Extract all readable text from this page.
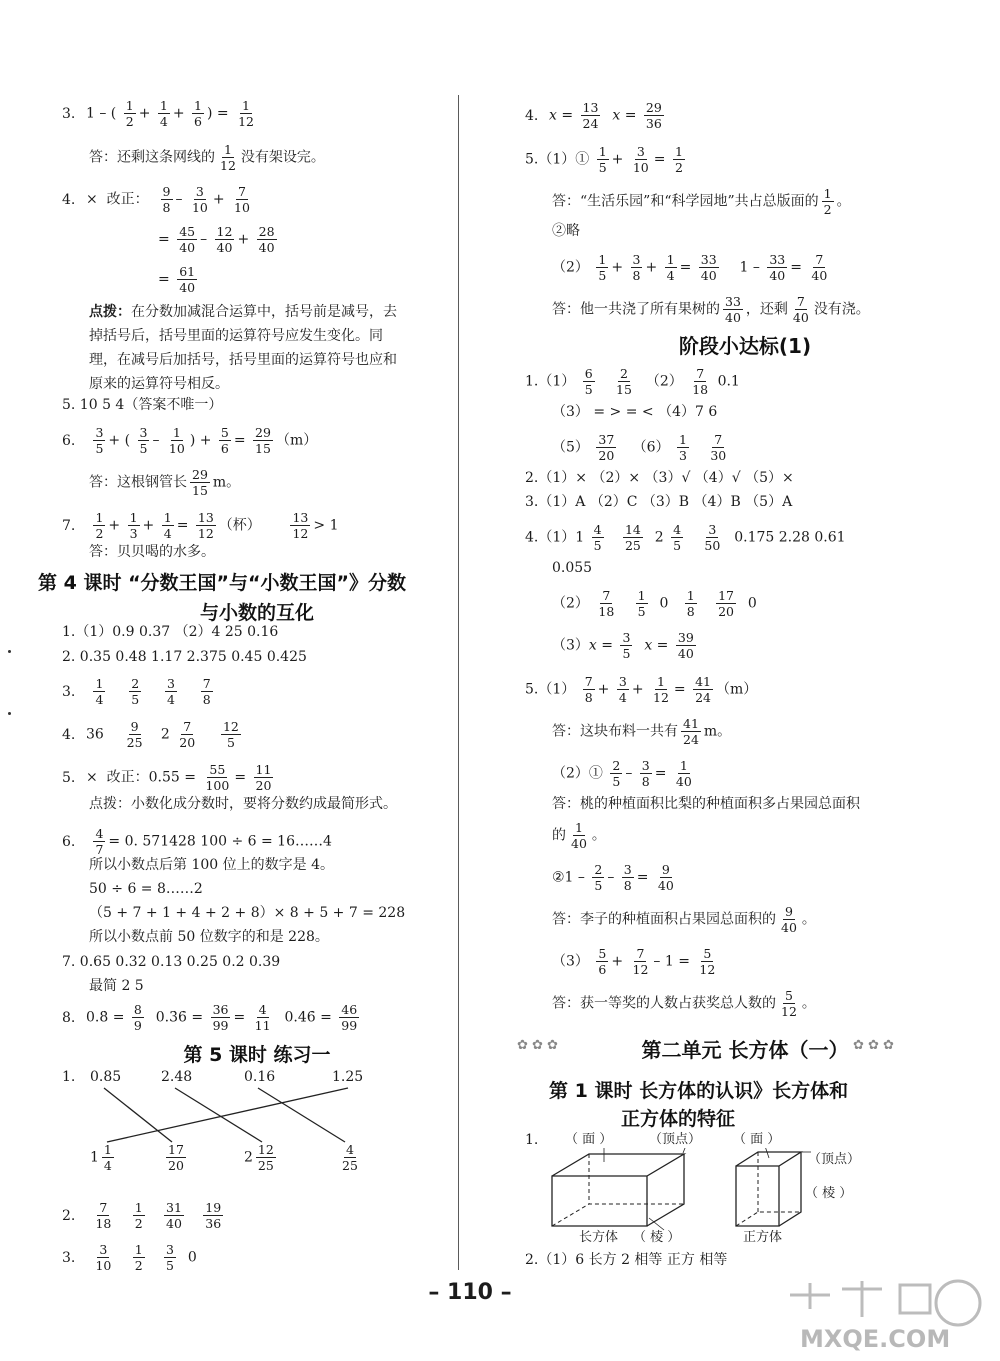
3. 1 – ( $\frac{1}{2} + \frac{1}{4} + \frac{1}{6}$ ) = $\frac{1}{12}$
答：还剩这条网线的 $\frac{1}{12}$ 没有架设完。
4. × 改正： $\frac{9}{8} - \frac{3}{10} + \frac{7}{10}$
= $\frac{45}{40} - \frac{12}{40} + \frac{28}{40}$
= $\frac{61}{40}$
点拨：在分数加减混合运算中，括号前是减号，去
掉括号后，括号里面的运算符号应发生变化。同
理，在减号后加括号，括号里面的运算符号也应和
原来的运算符号相反。
5. 10 5 4（答案不唯一）
6. $\frac{3}{5}$ + ( $\frac{3}{5} - \frac{1}{10}$ ) + $\frac{5}{6} = \frac{29}{15} (m)$
答：这根钢管长 $\frac{29}{15}$ m。
7. $\frac{1}{2} + \frac{1}{3} + \frac{1}{4} = \frac{13}{12}$ （杯） $\frac{13}{12} > 1$
答：贝贝喝的水多。
第 4 课时 “分数王国”与“小数王国”》分数
与小数的互化
1.（1）0.9 0.37 （2）4 25 0.16
2. 0.35 0.48 1.17 2.375 0.45 0.425
3. $\frac{1}{4}$
$\frac{2}{5}$
$\frac{3}{4}$
$\frac{7}{8}$
4. $36 \frac{9}{25} 2 \frac{7}{20}$
$\frac{12}{5}$
5. × 改正：$0.55 = \frac{55}{100} = \frac{11}{20}$
点拨：小数化成分数时，要将分数约成最简形式。
6. $\frac{4}{7} = 0$. 571428 100 ÷ 6 = 16……4
所以小数点后第 100 位上的数字是 4。
50 ÷ 6 = 8……2
（5 + 7 + 1 + 4 + 2 + 8）× 8 + 5 + 7 = 228
所以小数点前 50 位数字的和是 228。
7. 0.65 0.32 0.13 0.25 0.2 0.39
最简 2 5
8. 0.8̇ = $\frac{8}{9}$ 0.3̇6̇ = $\frac{36}{99} = \frac{4}{11}$ 0.4̇6̇ = $\frac{46}{99}$
第 5 课时 练习一
1.	0.85	2.48	0.16	1.25
$1 \frac{1}{4}$	$\frac{17}{20}$	$2 \frac{12}{25}$	$\frac{4}{25}$
2. $\frac{7}{18}$
$\frac{1}{2}$
$\frac{31}{40}$
$\frac{19}{36}$
3. $\frac{3}{10}$
$\frac{1}{2}$
$\frac{3}{5} 0$
4. $x = \frac{13}{24}$ $x = \frac{29}{36}$
5.（1）① $\frac{1}{5} + \frac{3}{10} = \frac{1}{2}$
答：“生活乐园”和“科学园地”共占总版面的 $\frac{1}{2}$ 。
②略
$(2) \frac{1}{5} + \frac{3}{8} + \frac{1}{4} = \frac{33}{40} 1 - \frac{33}{40} = \frac{7}{40}$
答：他一共浇了所有果树的 $\frac{33}{40}$ ，还剩 $\frac{7}{40}$ 没有浇。
阶段小达标(1)
$1.(1) \frac{6}{5}$
$\frac{2}{15} (2) \frac{7}{18} 0.1$
（3） = > = < （4）7 6
$(5) \frac{37}{20} (6) \frac{1}{3}$
$\frac{7}{30}$
2.（1）× （2）× （3）√ （4）√ （5）×
3.（1）A （2）C （3）B （4）B （5）A
$4.(1)1 \frac{4}{5}$
$\frac{14}{25} 2 \frac{4}{5}$
$\frac{3}{50} 0.175$ 2.28 0.61
0.055
$(2) \frac{7}{18}$
$\frac{1}{5} 0 \frac{1}{8}$
$\frac{17}{20} 0$
$(3)x = \frac{3}{5}$ $x = \frac{39}{40}$
$5.(1) \frac{7}{8} + \frac{3}{4} + \frac{1}{12} = \frac{41}{24} (m)$
答：这块布料一共有 $\frac{41}{24}$ m。
（2）① $\frac{2}{5} - \frac{3}{8} = \frac{1}{40}$
答：桃的种植面积比梨的种植面积多占果园总面积
的 $\frac{1}{40}$ 。
②1 – $\frac{2}{5} - \frac{3}{8} = \frac{9}{40}$
答：李子的种植面积占果园总面积的 $\frac{9}{40}$ 。
$(3) \frac{5}{6} + \frac{7}{12} - 1 = \frac{5}{12}$
答：获一等奖的人数占获奖总人数的 $\frac{5}{12}$ 。
✿ ✿ ✿	第二单元 长方体（一） ✿ ✿ ✿
第 1 课时 长方体的认识》长方体和
正方体的特征
1. （ 面 ）	（顶点）
长方体 （ 棱 ）
（ 面 ）
（顶点）
（ 棱 ）
正方体
2.（1）6 长方 2 相等 正方 相等
– 110 –
MXQE.COM
